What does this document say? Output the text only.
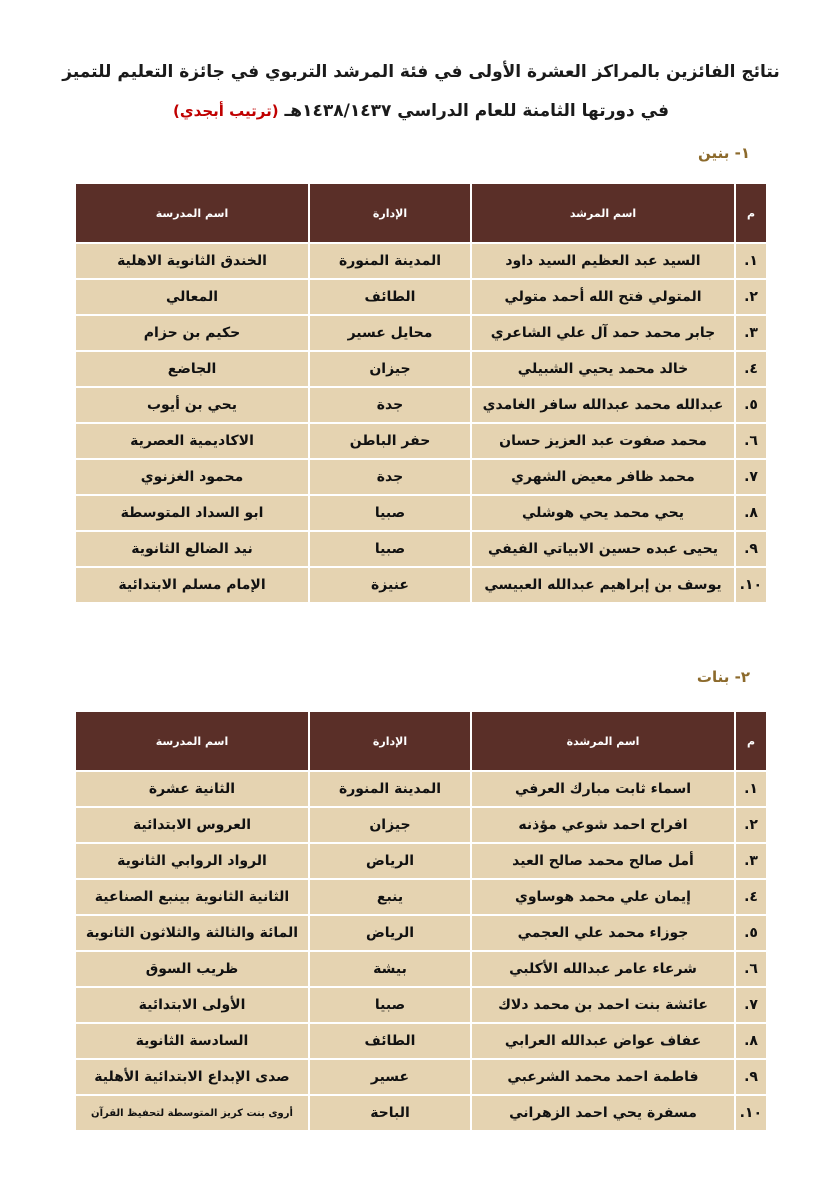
نتائج الفائزين بالمراكز العشرة الأولى في فئة المرشد التربوي في جائزة التعليم للتميز
في دورتها الثامنة للعام الدراسي ١٤٣٨/١٤٣٧هـ (ترتيب أبجدي)
١- بنين
م	اسم المرشد	الإدارة	اسم المدرسة
١.	السيد عبد العظيم السيد داود	المدينة المنورة	الخندق الثانوية الاهلية
٢.	المتولي فتح الله أحمد متولي	الطائف	المعالي
٣.	جابر محمد حمد آل علي الشاعري	محايل عسير	حكيم بن حزام
٤.	خالد محمد يحيي الشبيلي	جيزان	الجاضع
٥.	عبدالله محمد عبدالله سافر الغامدي	جدة	يحي بن أيوب
٦.	محمد صفوت عبد العزيز حسان	حفر الباطن	الاكاديمية العصرية
٧.	محمد ظافر معيض الشهري	جدة	محمود الغزنوي
٨.	يحي محمد يحي هوشلي	صبيا	ابو السداد المتوسطة
٩.	يحيى عبده حسين الابياتي الفيفي	صبيا	نيد الضالع الثانوية
١٠.	يوسف بن إبراهيم عبدالله العبيسي	عنيزة	الإمام مسلم الابتدائية
٢- بنات
م	اسم المرشدة	الإدارة	اسم المدرسة
١.	اسماء ثابت مبارك العرفي	المدينة المنورة	الثانية عشرة
٢.	افراح احمد شوعي مؤذنه	جيزان	العروس الابتدائية
٣.	أمل صالح محمد صالح العيد	الرياض	الرواد الروابي الثانوية
٤.	إيمان علي محمد هوساوي	ينبع	الثانية الثانوية بينبع الصناعية
٥.	جوزاء محمد علي العجمي	الرياض	المائة والثالثة والثلاثون الثانوية
٦.	شرعاء عامر عبدالله الأكلبي	بيشة	ظريب السوق
٧.	عائشة بنت احمد بن محمد دلاك	صبيا	الأولى الابتدائية
٨.	عفاف عواض عبدالله العرابي	الطائف	السادسة الثانوية
٩.	فاطمة احمد محمد الشرعبي	عسير	صدى الإبداع الابتدائية الأهلية
١٠.	مسفرة يحي احمد الزهراني	الباحة	أروى بنت كريز المتوسطة لتحفيظ القرآن
